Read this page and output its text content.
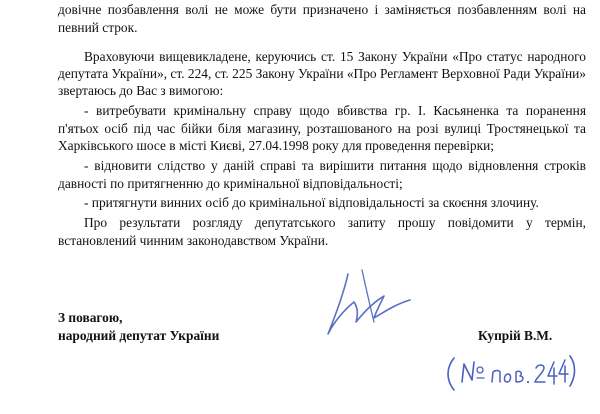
довічне позбавлення волі не може бути призначено і заміняється позбавленням волі на
певний строк.
Враховуючи вищевикладене, керуючись ст. 15 Закону України «Про статус народного
депутата України», ст. 224, ст. 225 Закону України «Про Регламент Верховної Ради України»
звертаюсь до Вас з вимогою:
- витребувати кримінальну справу щодо вбивства гр. І. Касьяненка та поранення
п'ятьох осіб під час бійки біля магазину, розташованого на розі вулиці Тростянецької та
Харківського шосе в місті Києві, 27.04.1998 року для проведення перевірки;
- відновити слідство у даній справі та вирішити питання щодо відновлення строків
давності по притягненню до кримінальної відповідальності;
- притягнути винних осіб до кримінальної відповідальності за скоєння злочину.
Про результати розгляду депутатського запиту прошу повідомити у термін,
встановлений чинним законодавством України.
З повагою,
народний депутат України	Купрій В.М.
